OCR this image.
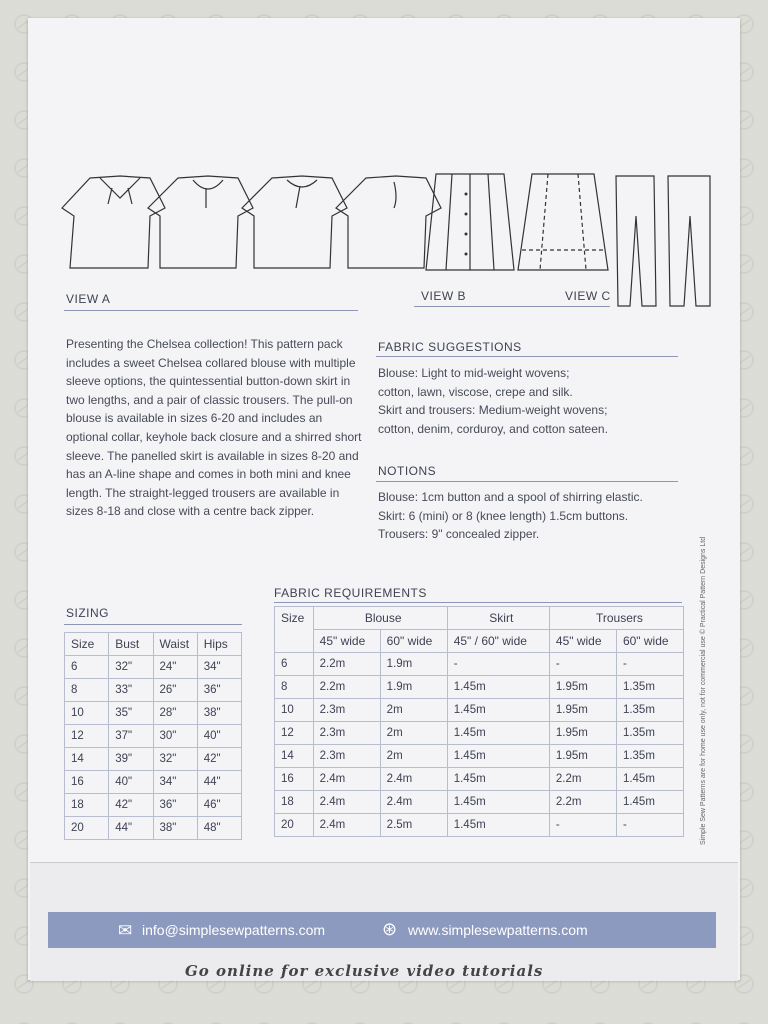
VIEW A	VIEW B	VIEW C
Presenting the Chelsea collection! This pattern pack includes a sweet Chelsea collared blouse with multiple sleeve options, the quintessential button-down skirt in two lengths, and a pair of classic trousers. The pull-on blouse is available in sizes 6-20 and includes an optional collar, keyhole back closure and a shirred short sleeve. The panelled skirt is available in sizes 8-20 and has an A-line shape and comes in both mini and knee length. The straight-legged trousers are available in sizes 8-18 and close with a centre back zipper.
FABRIC SUGGESTIONS
Blouse: Light to mid-weight wovens;
cotton, lawn, viscose, crepe and silk.
Skirt and trousers: Medium-weight wovens;
cotton, denim, corduroy, and cotton sateen.
NOTIONS
Blouse: 1cm button and a spool of shirring elastic.
Skirt: 6 (mini) or 8 (knee length) 1.5cm buttons.
Trousers: 9" concealed zipper.
SIZING
Size	Bust	Waist	Hips
6	32"	24"	34"
8	33"	26"	36"
10	35"	28"	38"
12	37"	30"	40"
14	39"	32"	42"
16	40"	34"	44"
18	42"	36"	46"
20	44"	38"	48"
FABRIC REQUIREMENTS
Size	Blouse		Skirt	Trousers	
	45" wide	60" wide	45" / 60" wide	45" wide	60" wide
6	2.2m	1.9m	-	-	-
8	2.2m	1.9m	1.45m	1.95m	1.35m
10	2.3m	2m	1.45m	1.95m	1.35m
12	2.3m	2m	1.45m	1.95m	1.35m
14	2.3m	2m	1.45m	1.95m	1.35m
16	2.4m	2.4m	1.45m	2.2m	1.45m
18	2.4m	2.4m	1.45m	2.2m	1.45m
20	2.4m	2.5m	1.45m	-	-	Simple Sew Patterns are for home use only, not for commercial use © Practical Pattern Designs Ltd
✉ info@simplesewpatterns.com	⊛ www.simplesewpatterns.com
Go online for exclusive video tutorials
